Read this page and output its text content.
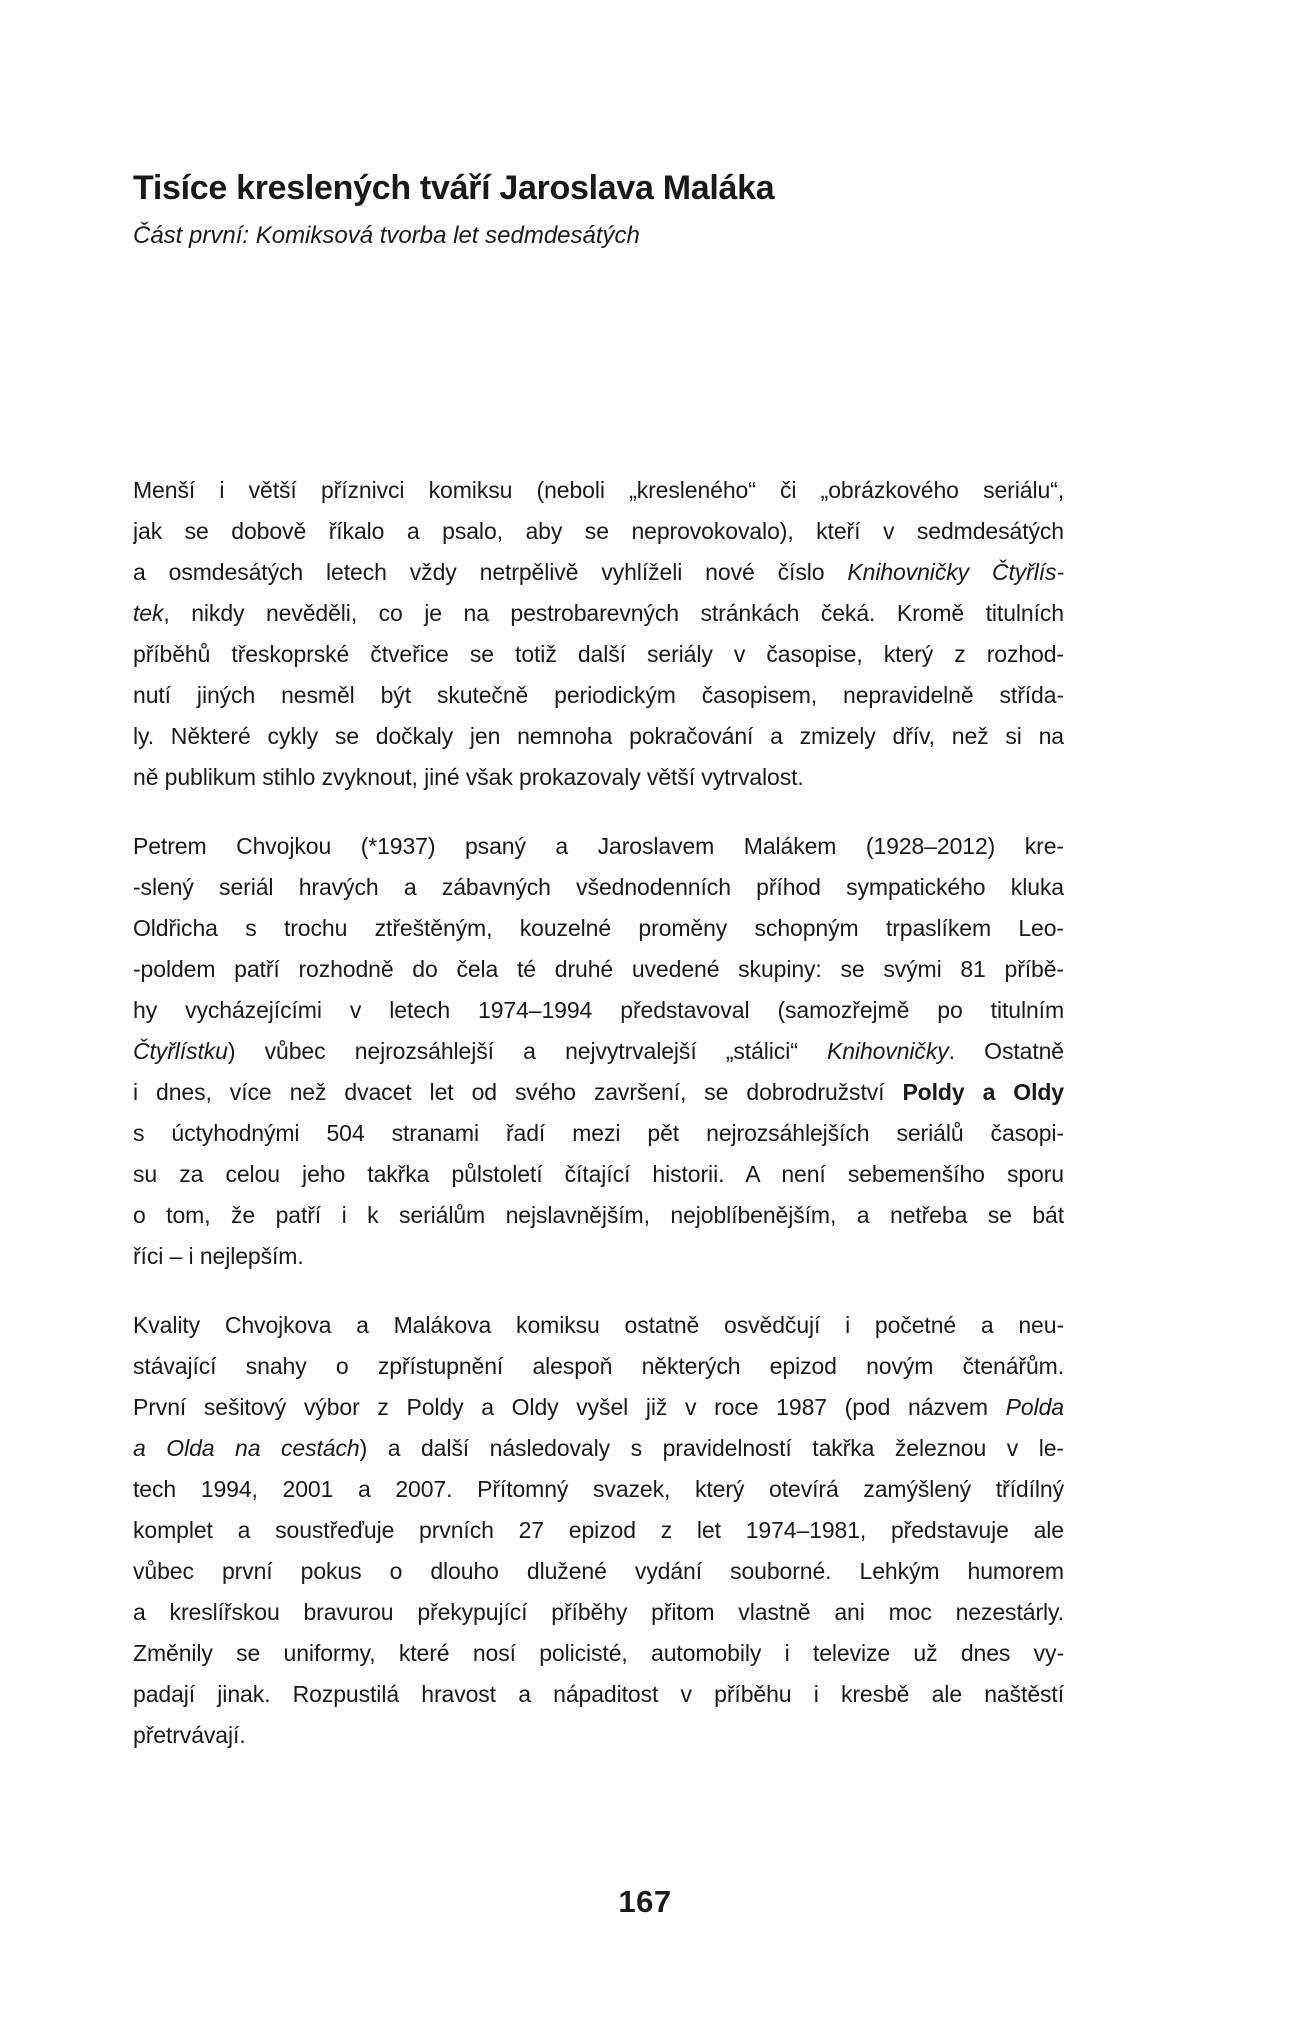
Tisíce kreslených tváří Jaroslava Maláka
Část první: Komiksová tvorba let sedmdesátých
Menší i větší příznivci komiksu (neboli „kresleného“ či „obrázkového seriálu“,
jak se dobově říkalo a psalo, aby se neprovokovalo), kteří v sedmdesátých
a osmdesátých letech vždy netrpělivě vyhlíželi nové číslo Knihovničky Čtyřlís-
tek, nikdy nevěděli, co je na pestrobarevných stránkách čeká. Kromě titulních
příběhů třeskoprské čtveřice se totiž další seriály v časopise, který z rozhod-
nutí jiných nesměl být skutečně periodickým časopisem, nepravidelně střída-
ly. Některé cykly se dočkaly jen nemnoha pokračování a zmizely dřív, než si na
ně publikum stihlo zvyknout, jiné však prokazovaly větší vytrvalost.
Petrem Chvojkou (*1937) psaný a Jaroslavem Malákem (1928–2012) kre-
-slený seriál hravých a zábavných všednodenních příhod sympatického kluka
Oldřicha s trochu ztřeštěným, kouzelné proměny schopným trpaslíkem Leo-
-poldem patří rozhodně do čela té druhé uvedené skupiny: se svými 81 příbě-
hy vycházejícími v letech 1974–1994 představoval (samozřejmě po titulním
Čtyřlístku) vůbec nejrozsáhlejší a nejvytrvalejší „stálici“ Knihovničky. Ostatně
i dnes, více než dvacet let od svého završení, se dobrodružství Poldy a Oldy
s úctyhodnými 504 stranami řadí mezi pět nejrozsáhlejších seriálů časopi-
su za celou jeho takřka půlstoletí čítající historii. A není sebemenšího sporu
o tom, že patří i k seriálům nejslavnějším, nejoblíbenějším, a netřeba se bát
říci – i nejlepším.
Kvality Chvojkova a Malákova komiksu ostatně osvědčují i početné a neu-
stávající snahy o zpřístupnění alespoň některých epizod novým čtenářům.
První sešitový výbor z Poldy a Oldy vyšel již v roce 1987 (pod názvem Polda
a Olda na cestách) a další následovaly s pravidelností takřka železnou v le-
tech 1994, 2001 a 2007. Přítomný svazek, který otevírá zamýšlený třídílný
komplet a soustřeďuje prvních 27 epizod z let 1974–1981, představuje ale
vůbec první pokus o dlouho dlužené vydání souborné. Lehkým humorem
a kreslířskou bravurou překypující příběhy přitom vlastně ani moc nezestárly.
Změnily se uniformy, které nosí policisté, automobily i televize už dnes vy-
padají jinak. Rozpustilá hravost a nápaditost v příběhu i kresbě ale naštěstí
přetrvávají.
167
